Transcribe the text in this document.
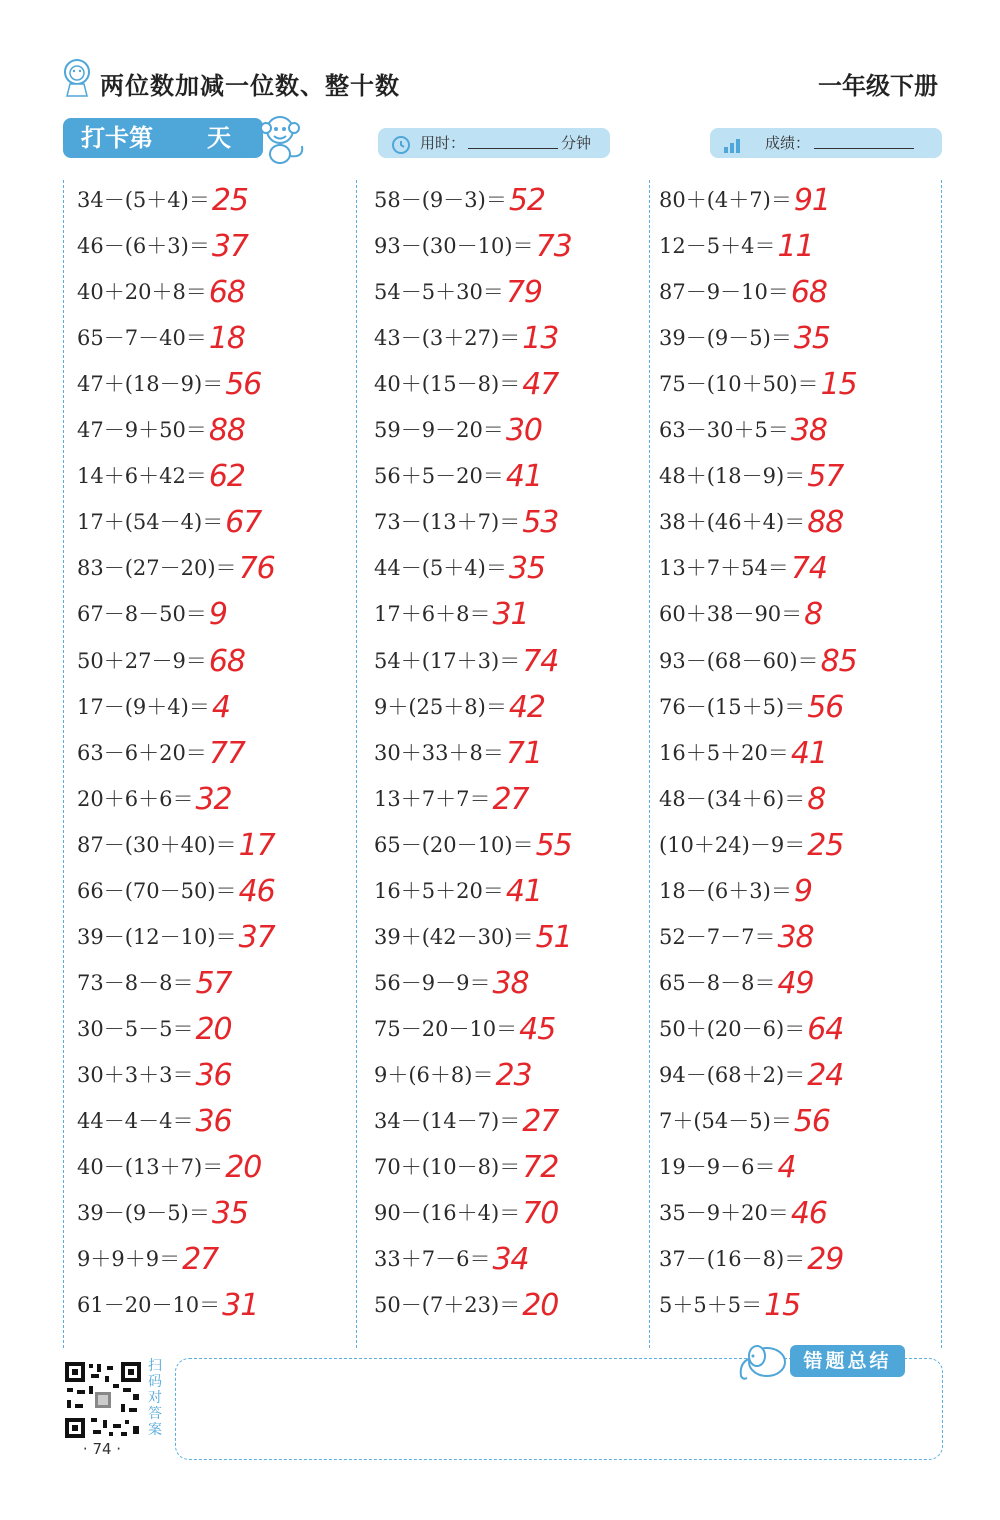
两位数加减一位数、整十数	一年级下册
打卡第 天	用时：	分钟	成绩：
34－(5＋4)＝ 25
46－(6＋3)＝ 37
40＋20＋8＝ 68
65－7－40＝ 18
47＋(18－9)＝ 56
47－9＋50＝ 88
14＋6＋42＝ 62
17＋(54－4)＝ 67
83－(27－20)＝ 76
67－8－50＝ 9
50＋27－9＝ 68
17－(9＋4)＝ 4
63－6＋20＝ 77
20＋6＋6＝ 32
87－(30＋40)＝ 17
66－(70－50)＝ 46
39－(12－10)＝ 37
73－8－8＝ 57
30－5－5＝ 20
30＋3＋3＝ 36
44－4－4＝ 36
40－(13＋7)＝ 20
39－(9－5)＝ 35
9＋9＋9＝ 27
61－20－10＝ 31
58－(9－3)＝ 52
93－(30－10)＝ 73
54－5＋30＝ 79
43－(3＋27)＝ 13
40＋(15－8)＝ 47
59－9－20＝ 30
56＋5－20＝ 41
73－(13＋7)＝ 53
44－(5＋4)＝ 35
17＋6＋8＝ 31
54＋(17＋3)＝ 74
9＋(25＋8)＝ 42
30＋33＋8＝ 71
13＋7＋7＝ 27
65－(20－10)＝ 55
16＋5＋20＝ 41
39＋(42－30)＝ 51
56－9－9＝ 38
75－20－10＝ 45
9＋(6＋8)＝ 23
34－(14－7)＝ 27
70＋(10－8)＝ 72
90－(16＋4)＝ 70
33＋7－6＝ 34
50－(7＋23)＝ 20
80＋(4＋7)＝ 91
12－5＋4＝ 11
87－9－10＝ 68
39－(9－5)＝ 35
75－(10＋50)＝ 15
63－30＋5＝ 38
48＋(18－9)＝ 57
38＋(46＋4)＝ 88
13＋7＋54＝ 74
60＋38－90＝ 8
93－(68－60)＝ 85
76－(15＋5)＝ 56
16＋5＋20＝ 41
48－(34＋6)＝ 8
(10＋24)－9＝ 25
18－(6＋3)＝ 9
52－7－7＝ 38
65－8－8＝ 49
50＋(20－6)＝ 64
94－(68＋2)＝ 24
7＋(54－5)＝ 56
19－9－6＝ 4
35－9＋20＝ 46
37－(16－8)＝ 29
5＋5＋5＝ 15
错题总结
扫码对答案
· 74 ·
